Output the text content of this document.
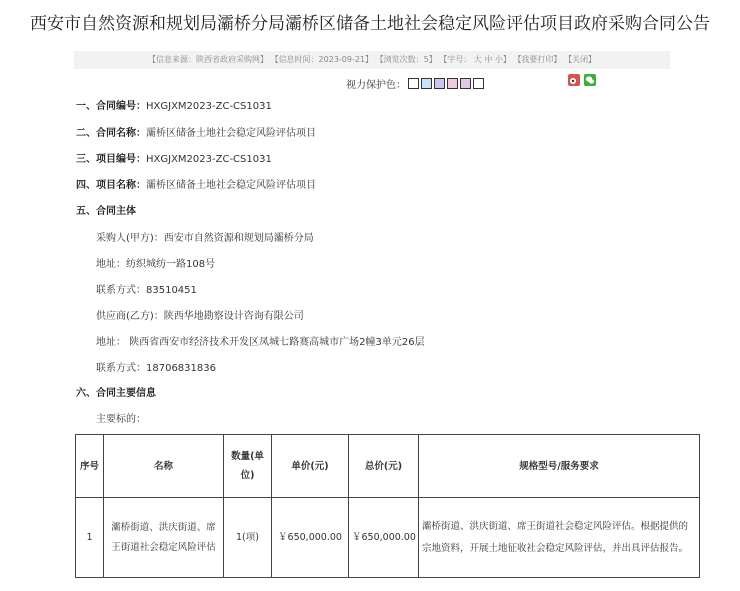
西安市自然资源和规划局灞桥分局灞桥区储备土地社会稳定风险评估项目政府采购合同公告
【信息来源：陕西省政府采购网】 【信息时间：2023-09-21】 【浏览次数：5】 【字号： 大 中 小】 【我要打印】 【关闭】
视力保护色：
一、合同编号：HXGJXM2023-ZC-CS1031
二、合同名称：灞桥区储备土地社会稳定风险评估项目
三、项目编号：HXGJXM2023-ZC-CS1031
四、项目名称：灞桥区储备土地社会稳定风险评估项目
五、合同主体
采购人(甲方)：西安市自然资源和规划局灞桥分局
地址：纺织城纺一路108号
联系方式：83510451
供应商(乙方)：陕西华地勘察设计咨询有限公司
地址： 陕西省西安市经济技术开发区凤城七路赛高城市广场2幢3单元26层
联系方式：18706831836
六、合同主要信息
主要标的：
序号	名称	数量(单位)	单价(元)	总价(元)	规格型号/服务要求
1	灞桥街道、洪庆街道、席王街道社会稳定风险评估	1(项)	￥650,000.00	￥650,000.00	灞桥街道、洪庆街道、席王街道社会稳定风险评估。根据提供的宗地资料，开展土地征收社会稳定风险评估，并出具评估报告。
